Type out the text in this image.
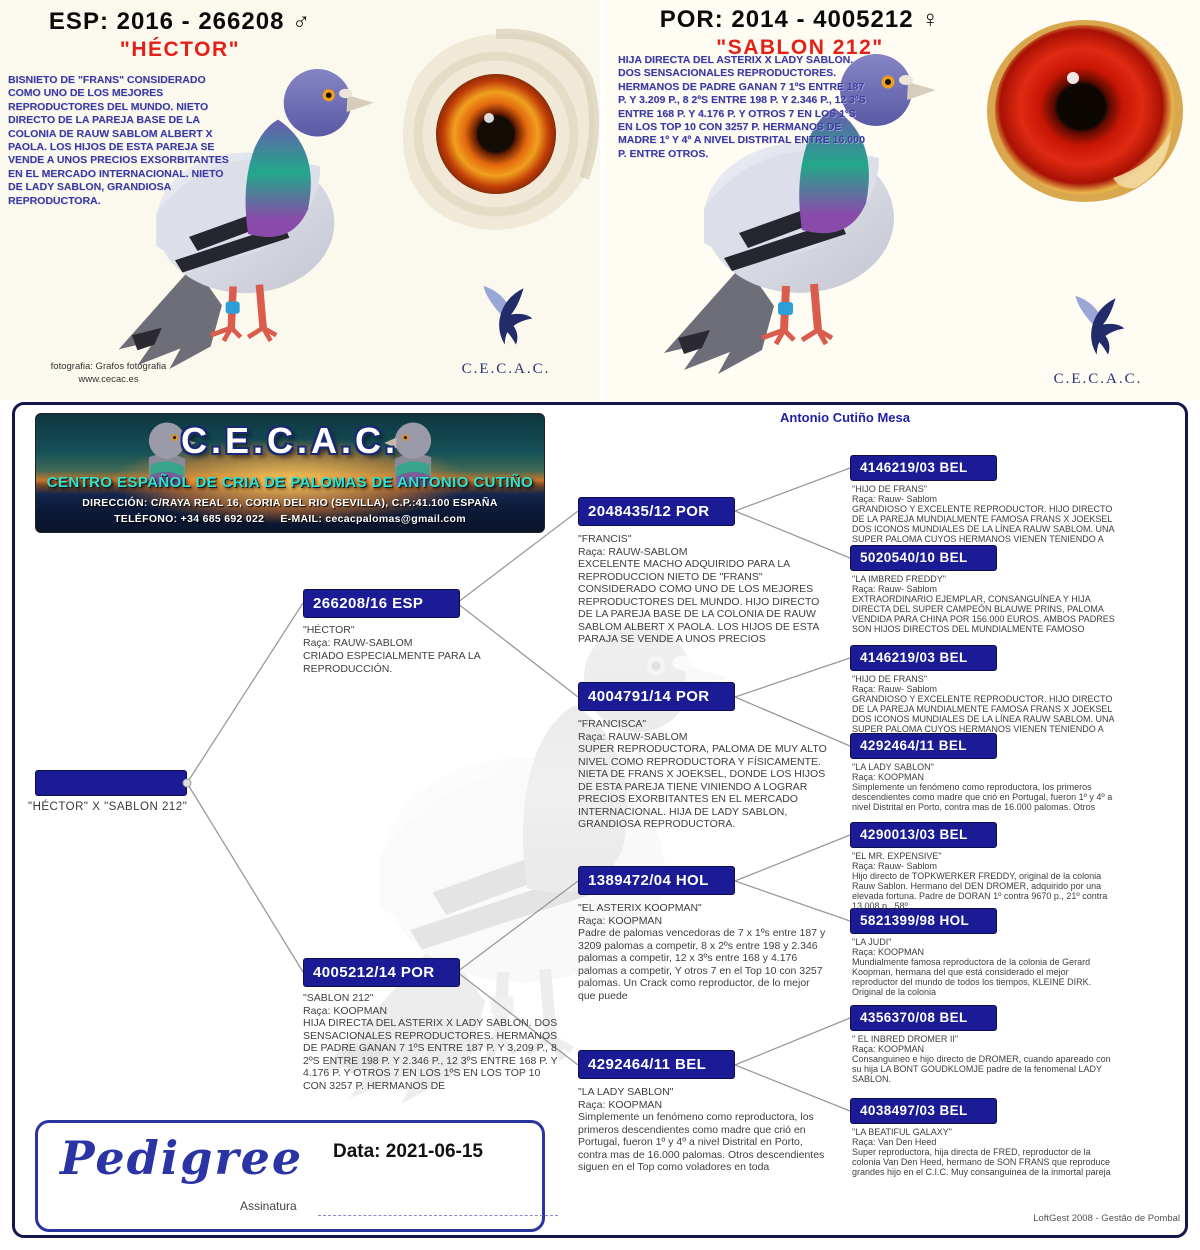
ESP: 2016 - 266208 ♂
"HÉCTOR"
BISNIETO DE "FRANS" CONSIDERADO COMO UNO DE LOS MEJORES REPRODUCTORES DEL MUNDO. NIETO DIRECTO DE LA PAREJA BASE DE LA COLONIA DE RAUW SABLOM ALBERT X PAOLA. LOS HIJOS DE ESTA PAREJA SE VENDE A UNOS PRECIOS EXSORBITANTES EN EL MERCADO INTERNACIONAL. NIETO DE LADY SABLON, GRANDIOSA REPRODUCTORA.
fotografia: Grafos fotografia
www.cecac.es
C.E.C.A.C.
POR: 2014 - 4005212 ♀
"SABLON 212"
HIJA DIRECTA DEL ASTERIX X LADY SABLON. DOS SENSACIONALES REPRODUCTORES. HERMANOS DE PADRE GANAN 7 1ºS ENTRE 187 P. Y 3.209 P., 8 2ºS ENTRE 198 P. Y 2.346 P., 12 3ºS ENTRE 168 P. Y 4.176 P. Y OTROS 7 EN LOS 1ºS EN LOS TOP 10 CON 3257 P. HERMANOS DE MADRE 1º Y 4º A NIVEL DISTRITAL ENTRE 16.000 P. ENTRE OTROS.
C.E.C.A.C.
C.E.C.A.C.
CENTRO ESPAÑOL DE CRIA DE PALOMAS DE ANTONIO CUTIÑO
DIRECCIÓN: C/RAYA REAL 16, CORIA DEL RIO (SEVILLA), C.P.:41.100 ESPAÑA
TELÉFONO: +34 685 692 022     E-MAIL: cecacpalomas@gmail.com
Antonio Cutiño Mesa
"HÉCTOR" X "SABLON 212"
266208/16 ESP
"HÉCTOR"
Raça: RAUW-SABLOM
CRIADO ESPECIALMENTE PARA LA REPRODUCCIÓN.
4005212/14 POR
"SABLON 212"
Raça: KOOPMAN
HIJA DIRECTA DEL ASTERIX X LADY SABLON. DOS SENSACIONALES REPRODUCTORES. HERMANOS DE PADRE GANAN 7 1ºS ENTRE 187 P. Y 3.209 P., 8 2ºS ENTRE 198 P. Y 2.346 P., 12 3ºS ENTRE 168 P. Y 4.176 P. Y OTROS 7 EN LOS 1ºS EN LOS TOP 10 CON 3257 P. HERMANOS DE
2048435/12 POR
"FRANCIS"
Raça: RAUW-SABLOM
EXCELENTE MACHO ADQUIRIDO PARA LA REPRODUCCION NIETO DE "FRANS" CONSIDERADO COMO UNO DE LOS MEJORES REPRODUCTORES DEL MUNDO. HIJO DIRECTO DE LA PAREJA BASE DE LA COLONIA DE RAUW SABLOM ALBERT X PAOLA. LOS HIJOS DE ESTA PARAJA SE VENDE A UNOS PRECIOS
4004791/14 POR
"FRANCISCA"
Raça: RAUW-SABLOM
SUPER REPRODUCTORA, PALOMA DE MUY ALTO NIVEL COMO REPRODUCTORA Y FÍSICAMENTE. NIETA DE FRANS X JOEKSEL, DONDE LOS HIJOS DE ESTA PAREJA TIENE VINIENDO A LOGRAR PRECIOS EXORBITANTES EN EL MERCADO INTERNACIONAL. HIJA DE LADY SABLON, GRANDIOSA REPRODUCTORA.
1389472/04 HOL
"EL ASTERIX KOOPMAN"
Raça: KOOPMAN
Padre de palomas vencedoras de 7 x 1ºs entre 187 y 3209 palomas a competir, 8 x 2ºs entre 198 y 2.346 palomas a competir, 12 x 3ºs entre 168 y 4.176 palomas a competir, Y otros 7 en el Top 10 con 3257 palomas. Un Crack como reproductor, de lo mejor que puede
4292464/11 BEL
"LA LADY SABLON"
Raça: KOOPMAN
Simplemente un fenómeno como reproductora, los primeros descendientes como madre que crió en Portugal, fueron 1º y 4º a nivel Distrital en Porto, contra mas de 16.000 palomas. Otros descendientes siguen en el Top como voladores en toda
4146219/03 BEL
"HIJO DE FRANS"
Raça: Rauw- Sablom
GRANDIOSO Y EXCELENTE REPRODUCTOR. HIJO DIRECTO DE LA PAREJA MUNDIALMENTE FAMOSA FRANS X JOEKSEL DOS ICONOS MUNDIALES DE LA LÍNEA RAUW SABLOM. UNA SUPER PALOMA CUYOS HERMANOS VIENEN TENIENDO A
5020540/10 BEL
"LA IMBRED FREDDY"
Raça: Rauw- Sablom
EXTRAORDINARIO EJEMPLAR, CONSANGUÍNEA Y HIJA DIRECTA DEL SUPER CAMPEÓN BLAUWE PRINS, PALOMA VENDIDA PARA CHINA POR 156.000 EUROS. AMBOS PADRES SON HIJOS DIRECTOS DEL MUNDIALMENTE FAMOSO
4146219/03 BEL
"HIJO DE FRANS"
Raça: Rauw- Sablom
GRANDIOSO Y EXCELENTE REPRODUCTOR. HIJO DIRECTO DE LA PAREJA MUNDIALMENTE FAMOSA FRANS X JOEKSEL DOS ICONOS MUNDIALES DE LA LÍNEA RAUW SABLOM. UNA SUPER PALOMA CUYOS HERMANOS VIENEN TENIENDO A
4292464/11 BEL
"LA LADY SABLON"
Raça: KOOPMAN
Simplemente un fenómeno como reproductora, los primeros descendientes como madre que crió en Portugal, fueron 1º y 4º a nivel Distrital en Porto, contra mas de 16.000 palomas. Otros
4290013/03 BEL
"EL MR. EXPENSIVE"
Raça: Rauw- Sablom
Hijo directo de TOPKWERKER FREDDY, original de la colonia Rauw Sablon. Hermano del DEN DROMER, adquirido por una elevada fortuna. Padre de DORAN 1º contra 9670 p., 21º contra 13.008 p., 58º
5821399/98 HOL
"LA JUDI"
Raça: KOOPMAN
Mundialmente famosa reproductora de la colonia de Gerard Koopman, hermana del que está considerado el mejor reproductor del mundo de todos los tiempos, KLEINE DIRK. Original de la colonia
4356370/08 BEL
" EL INBRED DROMER II"
Raça: KOOPMAN
Consanguineo e hijo directo de DROMER, cuando apareado con su hija LA BONT GOUDKLOMJE padre de la fenomenal LADY SABLON.
4038497/03 BEL
"LA BEATIFUL GALAXY"
Raça: Van Den Heed
Super reproductora, hija directa de FRED, reproductor de la colonia Van Den Heed, hermano de SON FRANS que reproduce grandes hijo en el C.I.C. Muy consanguinea de la inmortal pareja
Pedigree Data: 2021-06-15
Assinatura
LoftGest 2008 - Gestão de Pombal
